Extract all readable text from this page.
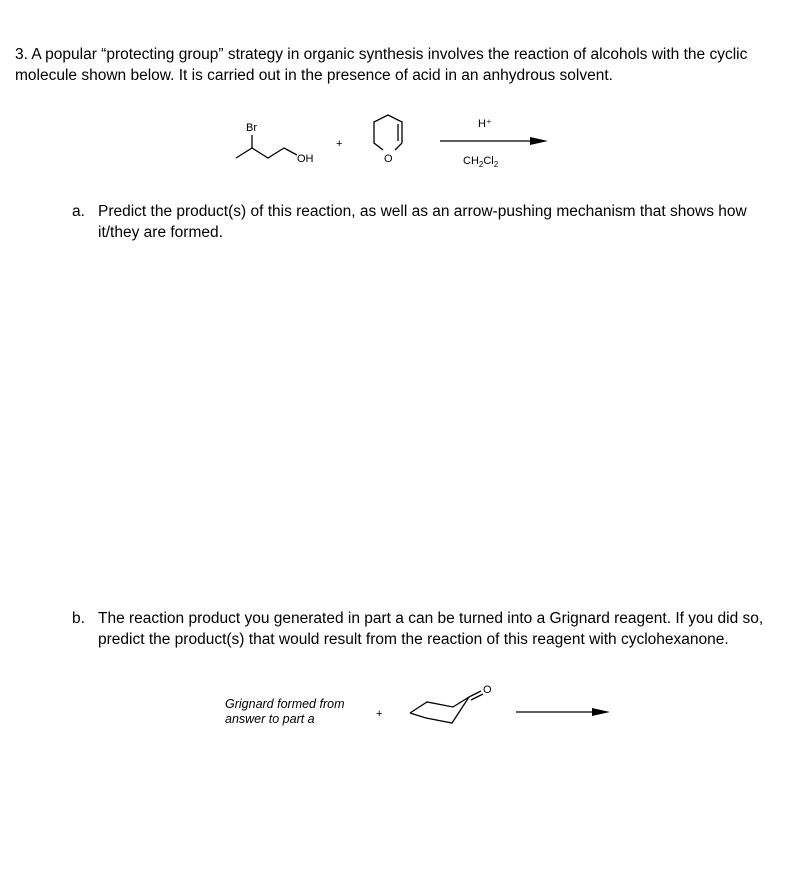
3. A popular “protecting group” strategy in organic synthesis involves the reaction of alcohols with the cyclic molecule shown below. It is carried out in the presence of acid in an anhydrous solvent.
Br
OH
+
O
H⁺
$CH_2Cl_2$
a. Predict the product(s) of this reaction, as well as an arrow-pushing mechanism that shows how it/they are formed.
b. The reaction product you generated in part a can be turned into a Grignard reagent. If you did so, predict the product(s) that would result from the reaction of this reagent with cyclohexanone.
Grignard formed from
answer to part a	+
O
